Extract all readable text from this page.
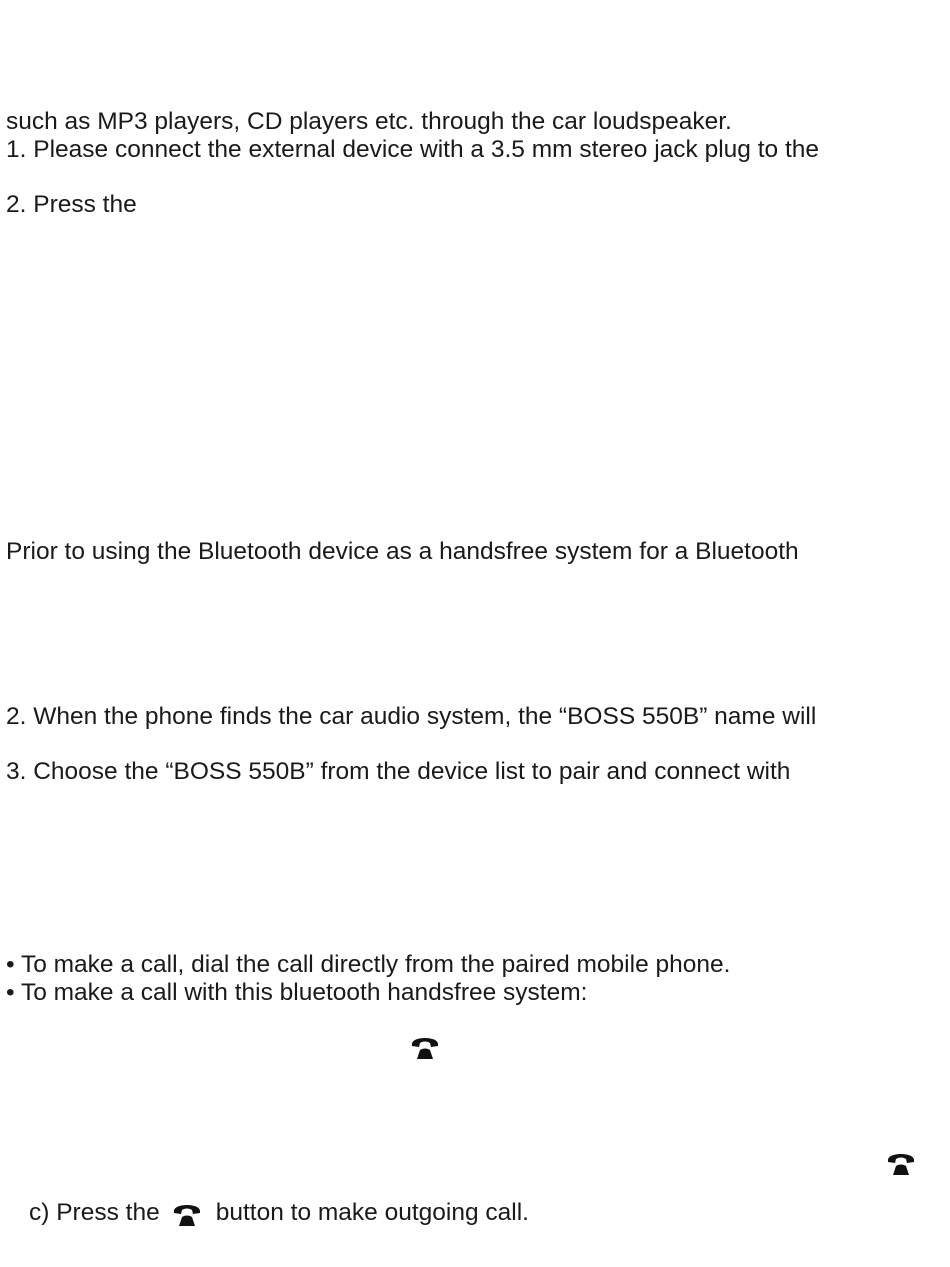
such as MP3 players, CD players etc. through the car loudspeaker.
1. Please connect the external device with a 3.5 mm stereo jack plug to the
2. Press the
Prior to using the Bluetooth device as a handsfree system for a Bluetooth
2. When the phone finds the car audio system, the “BOSS 550B” name will
3. Choose the “BOSS 550B” from the device list to pair and connect with
• To make a call, dial the call directly from the paired mobile phone.
• To make a call with this bluetooth handsfree system:
c) Press the button to make outgoing call.
